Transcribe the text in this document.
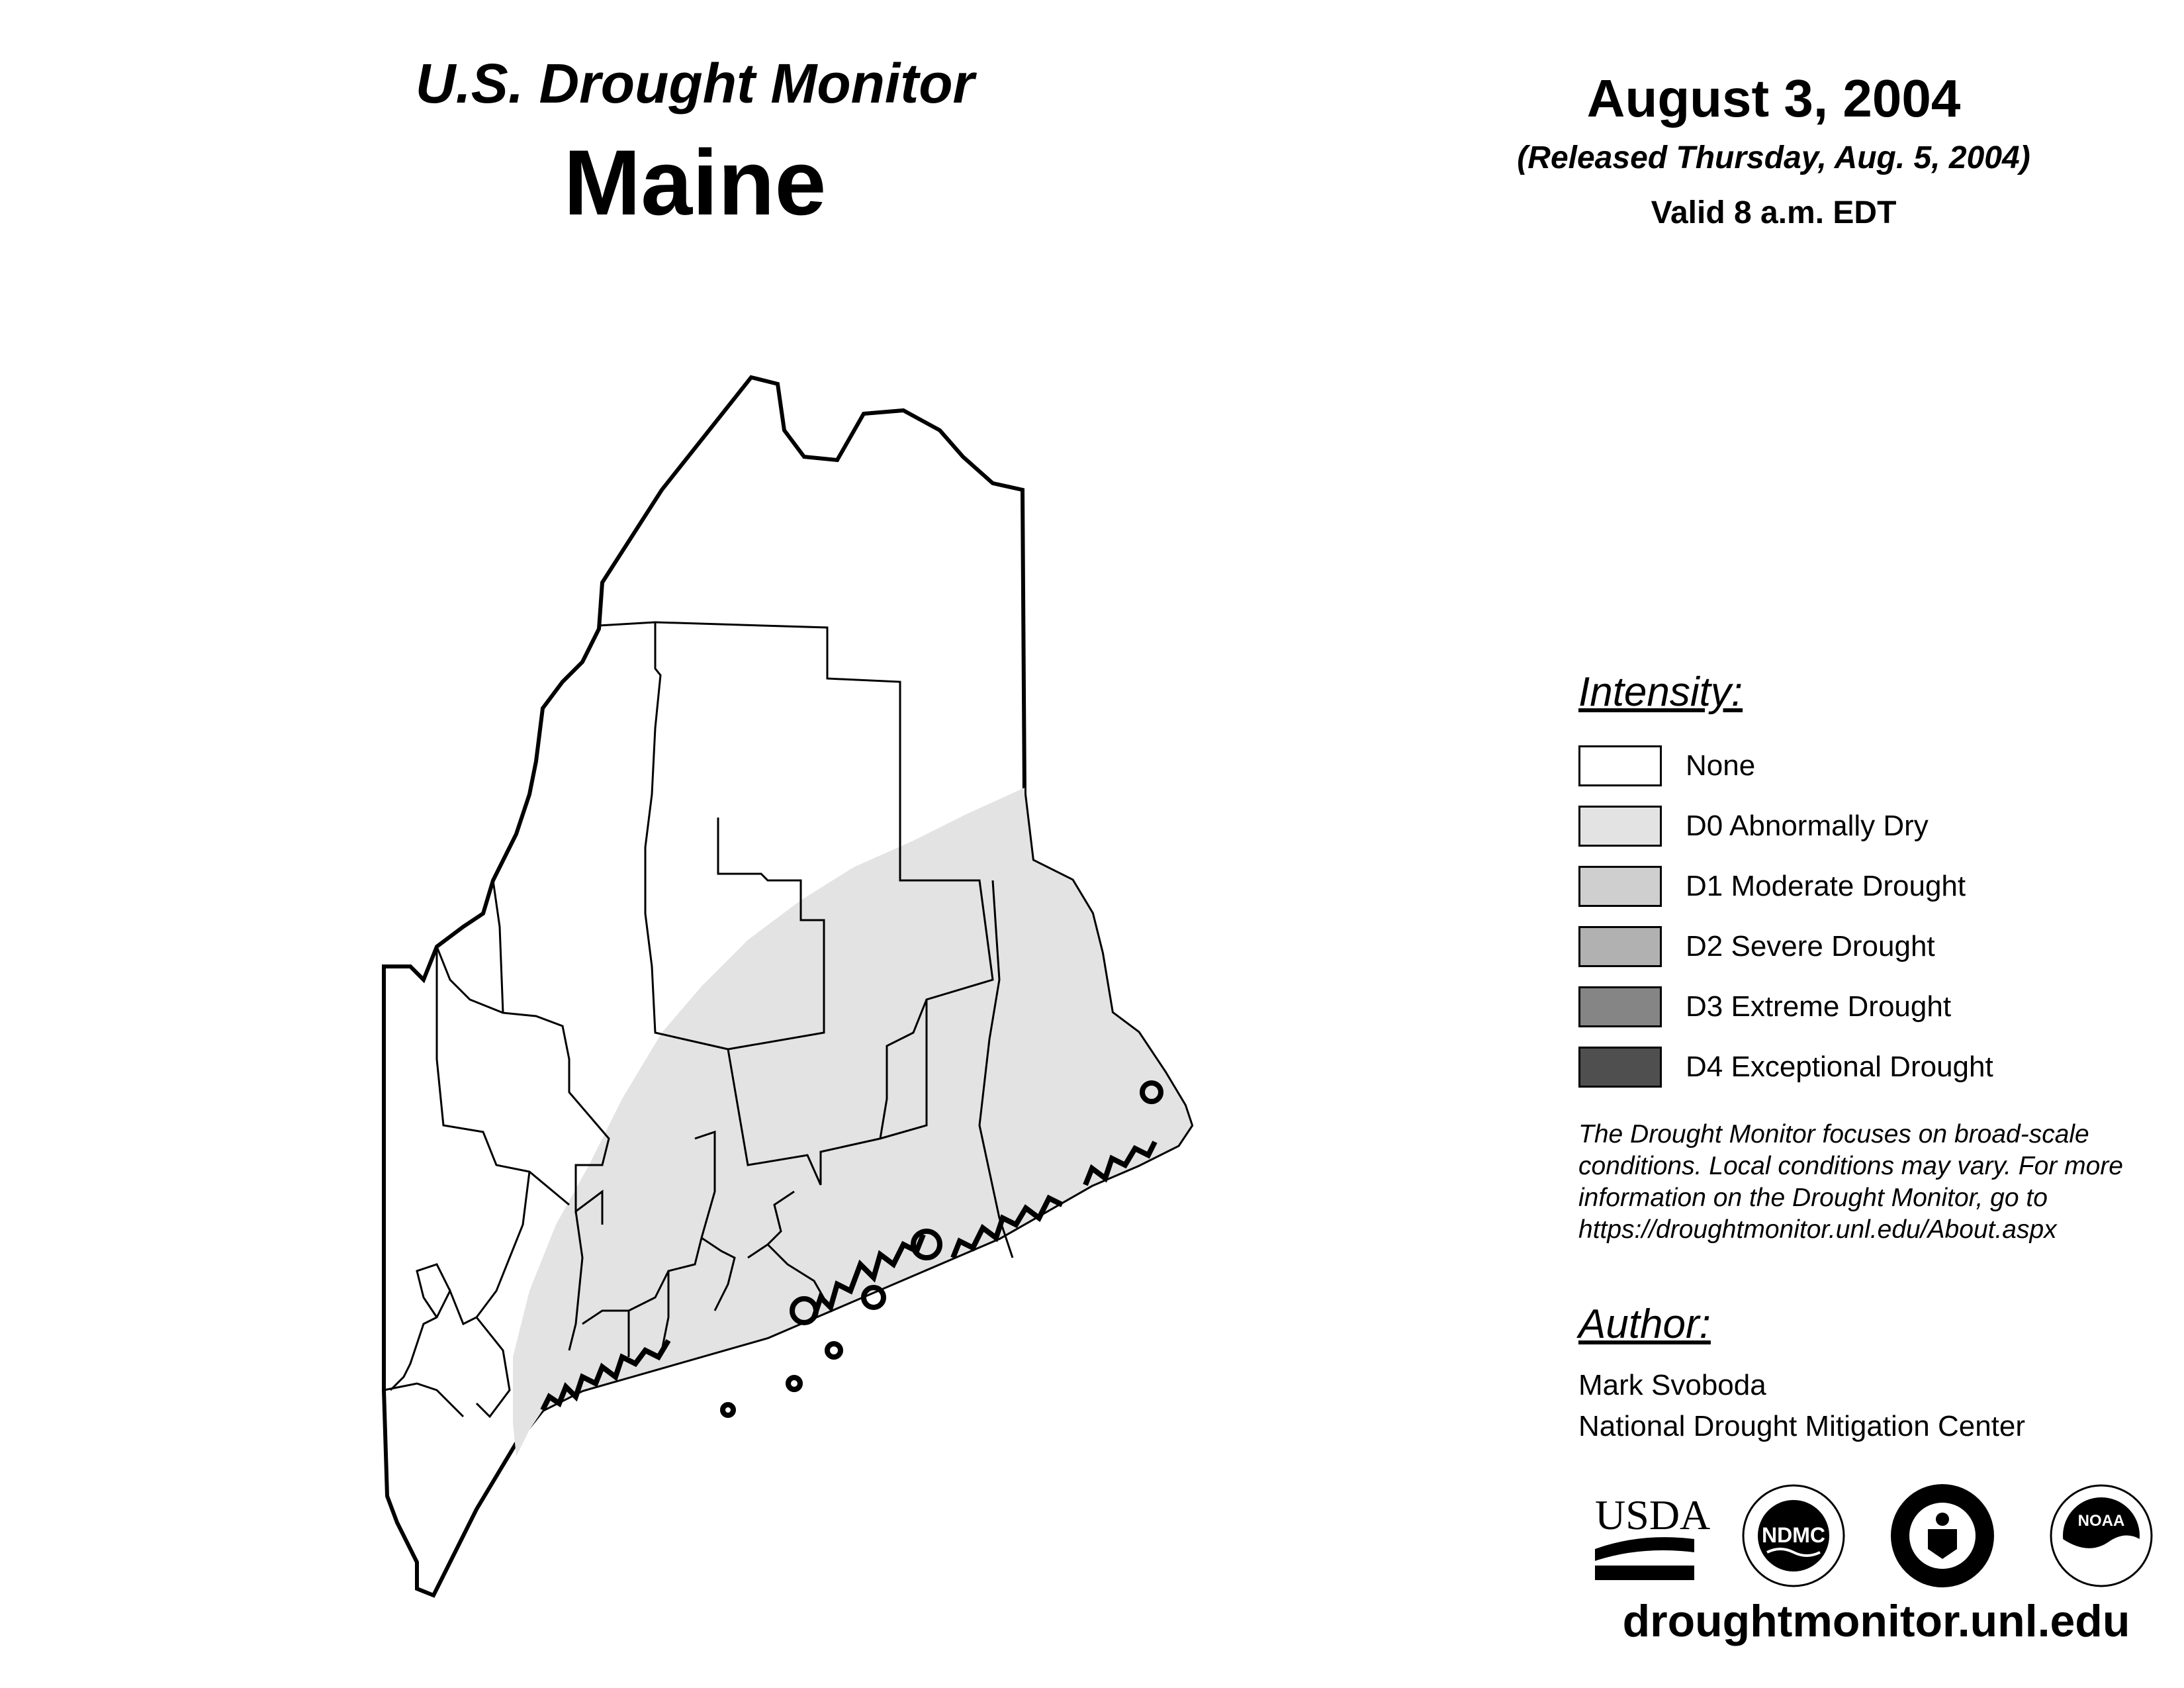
U.S. Drought Monitor
Maine
August 3, 2004
(Released Thursday, Aug. 5, 2004)
Valid 8 a.m. EDT
Intensity:
None
D0 Abnormally Dry
D1 Moderate Drought
D2 Severe Drought
D3 Extreme Drought
D4 Exceptional Drought
The Drought Monitor focuses on broad-scale conditions. Local conditions may vary. For more information on the Drought Monitor, go to https://droughtmonitor.unl.edu/About.aspx
Author:
Mark Svoboda
National Drought Mitigation Center
USDA NDMC
NOAA
droughtmonitor.unl.edu
